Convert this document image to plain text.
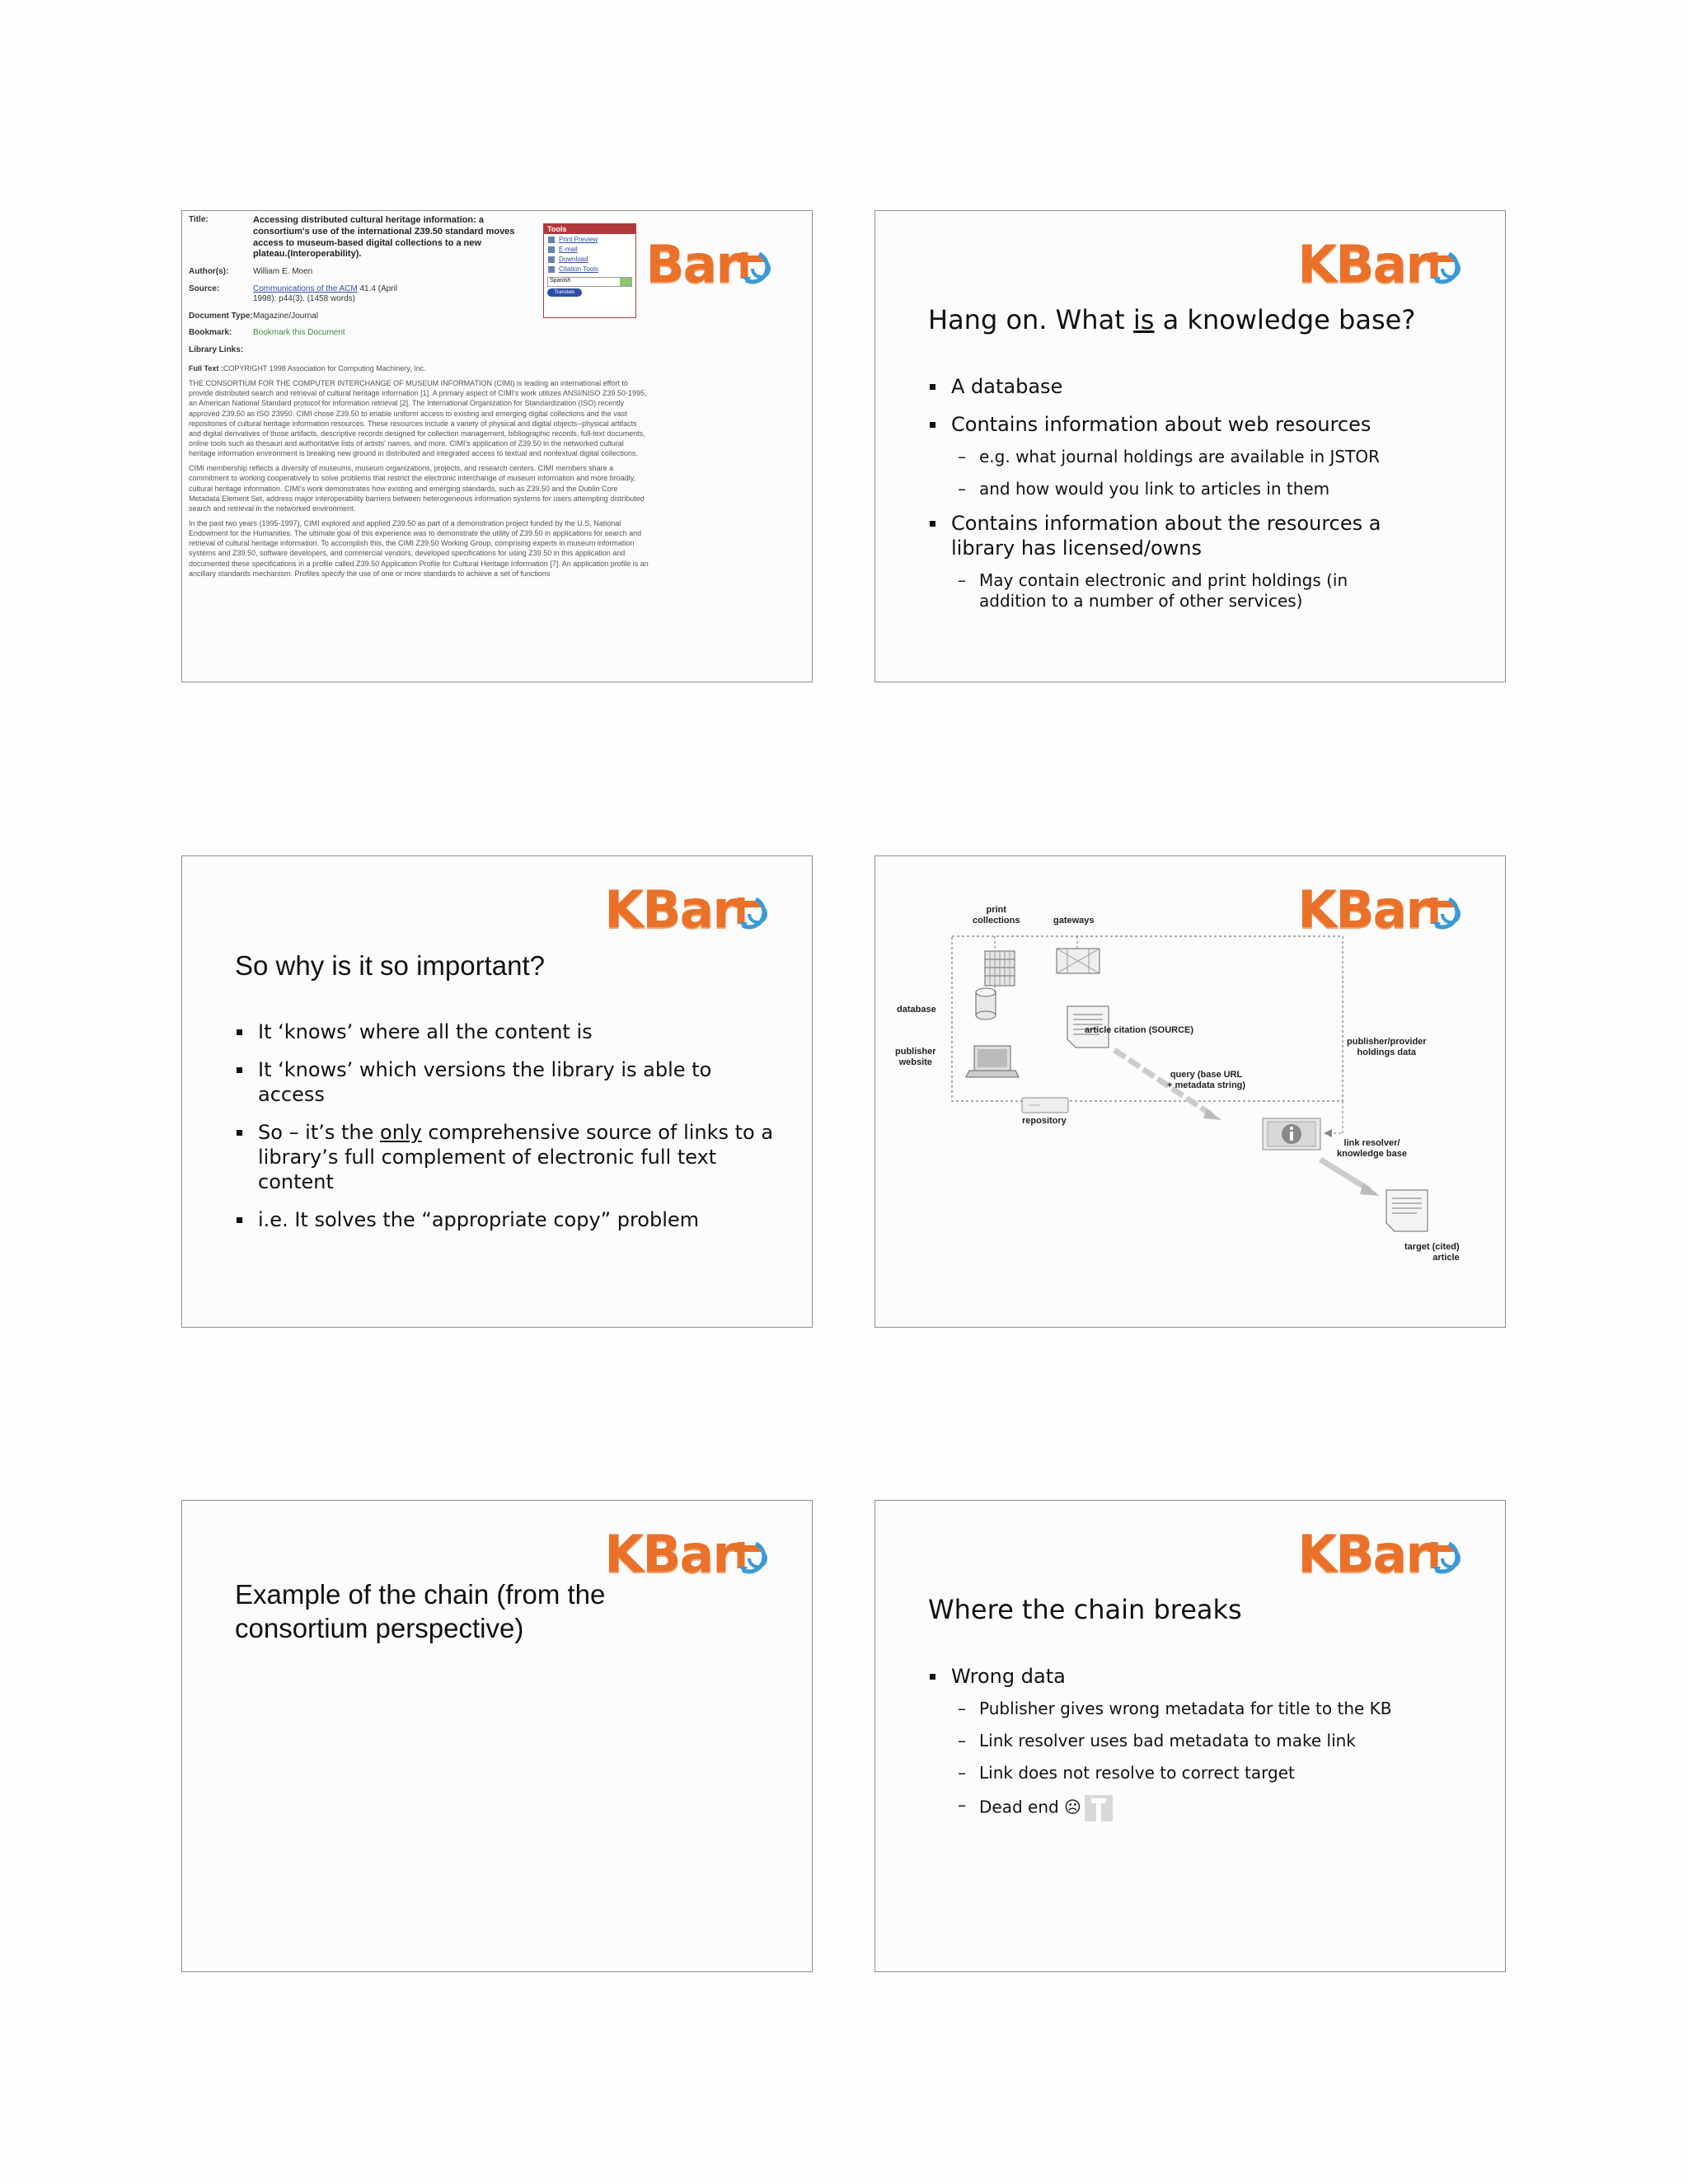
Title:	Accessing distributed cultural heritage information: a consortium's use of the international Z39.50 standard moves access to museum-based digital collections to a new plateau.(Interoperability).
Author(s):	William E. Moen
Source:	Communications of the ACM 41.4 (April 1998): p44(3). (1458 words)
Document Type: Magazine/Journal
Bookmark:	Bookmark this Document
Library Links:

Full Text :COPYRIGHT 1998 Association for Computing Machinery, Inc.

THE CONSORTIUM FOR THE COMPUTER INTERCHANGE OF MUSEUM INFORMATION (CIMI) is leading an international effort to provide distributed search and retrieval of cultural heritage information [1]. A primary aspect of CIMI's work utilizes ANSI/NISO Z39.50-1995, an American National Standard protocol for information retrieval [2]. The International Organization for Standardization (ISO) recently approved Z39.50 as ISO 23950. CIMI chose Z39.50 to enable uniform access to existing and emerging digital collections and the vast repositories of cultural heritage information resources. These resources include a variety of physical and digital objects--physical artifacts and digital derivatives of those artifacts, descriptive records designed for collection management, bibliographic records, full-text documents, online tools such as thesauri and authoritative lists of artists' names, and more. CIMI's application of Z39.50 in the networked cultural heritage information environment is breaking new ground in distributed and integrated access to textual and nontextual digital collections.

CIMI membership reflects a diversity of museums, museum organizations, projects, and research centers. CIMI members share a commitment to working cooperatively to solve problems that restrict the electronic interchange of museum information and more broadly, cultural heritage information. CIMI's work demonstrates how existing and emerging standards, such as Z39.50 and the Dublin Core Metadata Element Set, address major interoperability barriers between heterogeneous information systems for users attempting distributed search and retrieval in the networked environment.

In the past two years (1995-1997), CIMI explored and applied Z39.50 as part of a demonstration project funded by the U.S. National Endowment for the Humanities. The ultimate goal of this experience was to demonstrate the utility of Z39.50 in applications for search and retrieval of cultural heritage information. To accomplish this, the CIMI Z39.50 Working Group, comprising experts in museum information systems and Z39.50, software developers, and commercial vendors, developed specifications for using Z39.50 in this application and documented these specifications in a profile called Z39.50 Application Profile for Cultural Heritage Information [7]. An application profile is an ancillary standards mechanism. Profiles specify the use of one or more standards to achieve a set of functions

Tools
Print Preview
E-mail
Download
Citation Tools
Spanish
Translate Bar	KBar
Hang on. What is a knowledge base?
A database
Contains information about web resources
– e.g. what journal holdings are available in JSTOR
– and how would you link to articles in them
Contains information about the resources a library has licensed/owns
– May contain electronic and print holdings (in addition to a number of other services)
KBar
So why is it so important?
It ‘knows’ where all the content is
It ‘knows’ which versions the library is able to access
So – it’s the only comprehensive source of links to a library’s full complement of electronic full text content
i.e. It solves the “appropriate copy” problem
KBar
print
collections	gateways
database
publisher
website
article citation (SOURCE)
publisher/provider
holdings data
query (base URL
+ metadata string)
repository
link resolver/
knowledge base
target (cited)
article
KBar
Example of the chain (from the consortium perspective)
KBar
Where the chain breaks
Wrong data
– Publisher gives wrong metadata for title to the KB
– Link resolver uses bad metadata to make link
– Link does not resolve to correct target
– Dead end ☹
